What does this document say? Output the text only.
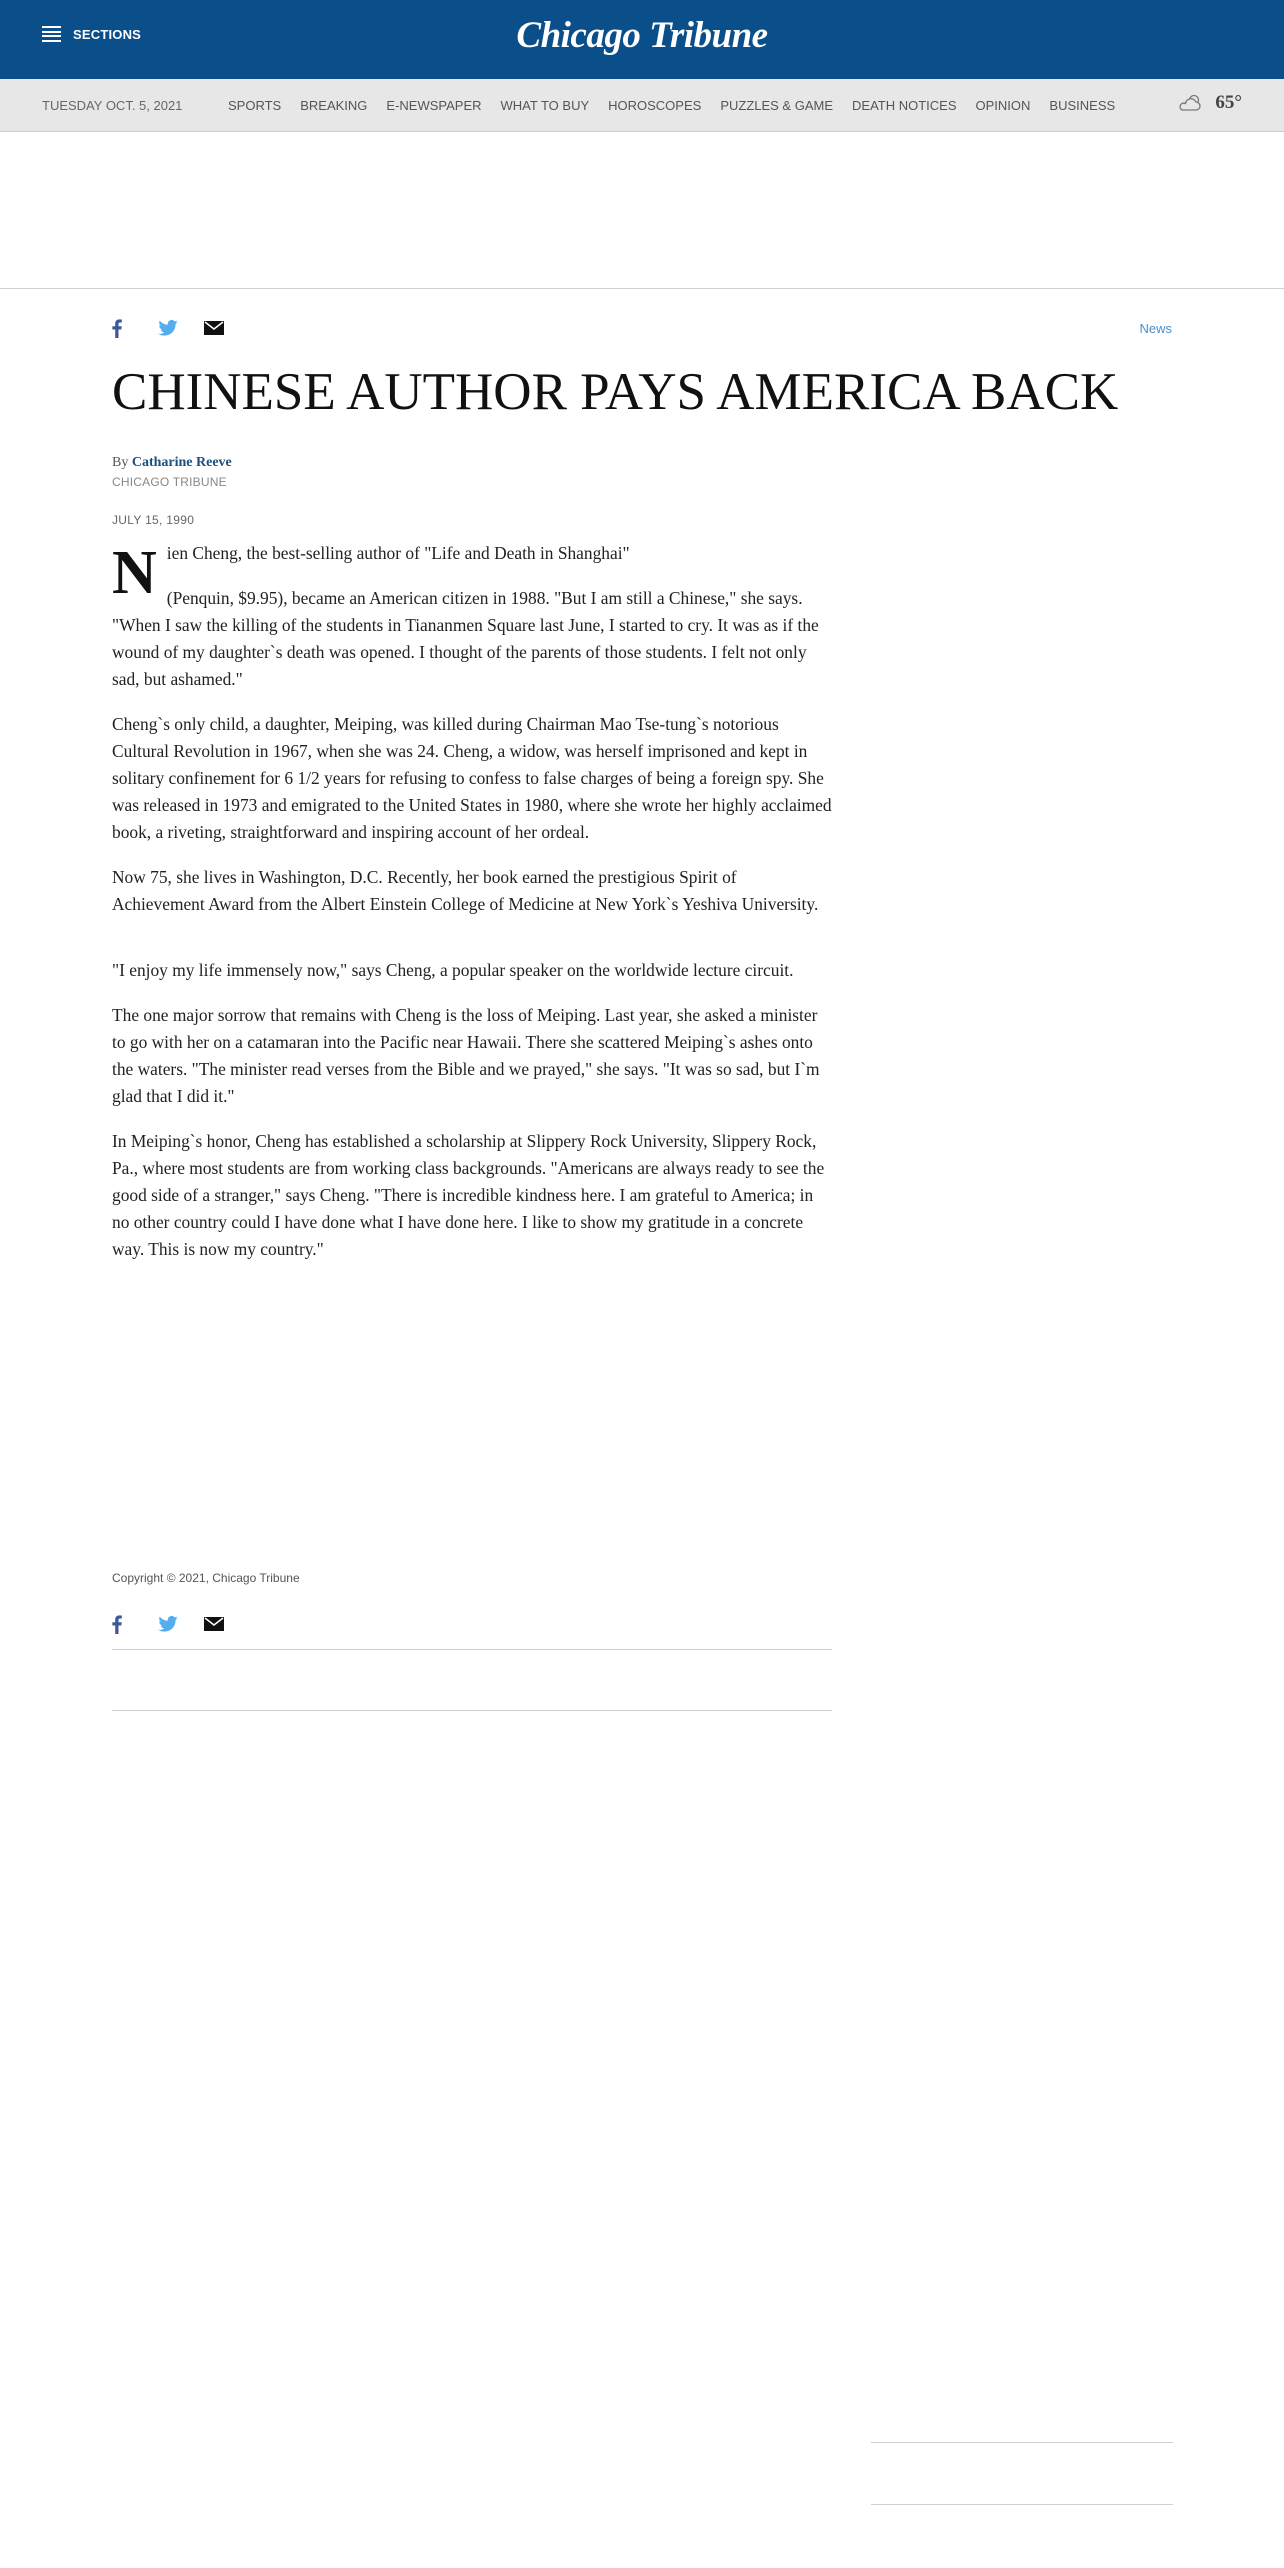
SECTIONS	Chicago Tribune
TUESDAY OCT. 5, 2021	SPORTS BREAKING E-NEWSPAPER WHAT TO BUY HOROSCOPES PUZZLES & GAME DEATH NOTICES OPINION BUSINESS	65°
News
CHINESE AUTHOR PAYS AMERICA BACK
By Catharine Reeve
CHICAGO TRIBUNE
JULY 15, 1990

Nien Cheng, the best-selling author of "Life and Death in Shanghai"

(Penquin, $9.95), became an American citizen in 1988. "But I am still a Chinese," she says. "When I saw the killing of the students in Tiananmen Square last June, I started to cry. It was as if the wound of my daughter`s death was opened. I thought of the parents of those students. I felt not only sad, but ashamed."

Cheng`s only child, a daughter, Meiping, was killed during Chairman Mao Tse-tung`s notorious Cultural Revolution in 1967, when she was 24. Cheng, a widow, was herself imprisoned and kept in solitary confinement for 6 1/2 years for refusing to confess to false charges of being a foreign spy. She was released in 1973 and emigrated to the United States in 1980, where she wrote her highly acclaimed book, a riveting, straightforward and inspiring account of her ordeal.

Now 75, she lives in Washington, D.C. Recently, her book earned the prestigious Spirit of Achievement Award from the Albert Einstein College of Medicine at New York`s Yeshiva University.

"I enjoy my life immensely now," says Cheng, a popular speaker on the worldwide lecture circuit.

The one major sorrow that remains with Cheng is the loss of Meiping. Last year, she asked a minister to go with her on a catamaran into the Pacific near Hawaii. There she scattered Meiping`s ashes onto the waters. "The minister read verses from the Bible and we prayed," she says. "It was so sad, but I`m glad that I did it."

In Meiping`s honor, Cheng has established a scholarship at Slippery Rock University, Slippery Rock, Pa., where most students are from working class backgrounds. "Americans are always ready to see the good side of a stranger," says Cheng. "There is incredible kindness here. I am grateful to America; in no other country could I have done what I have done here. I like to show my gratitude in a concrete way. This is now my country."

Copyright © 2021, Chicago Tribune
